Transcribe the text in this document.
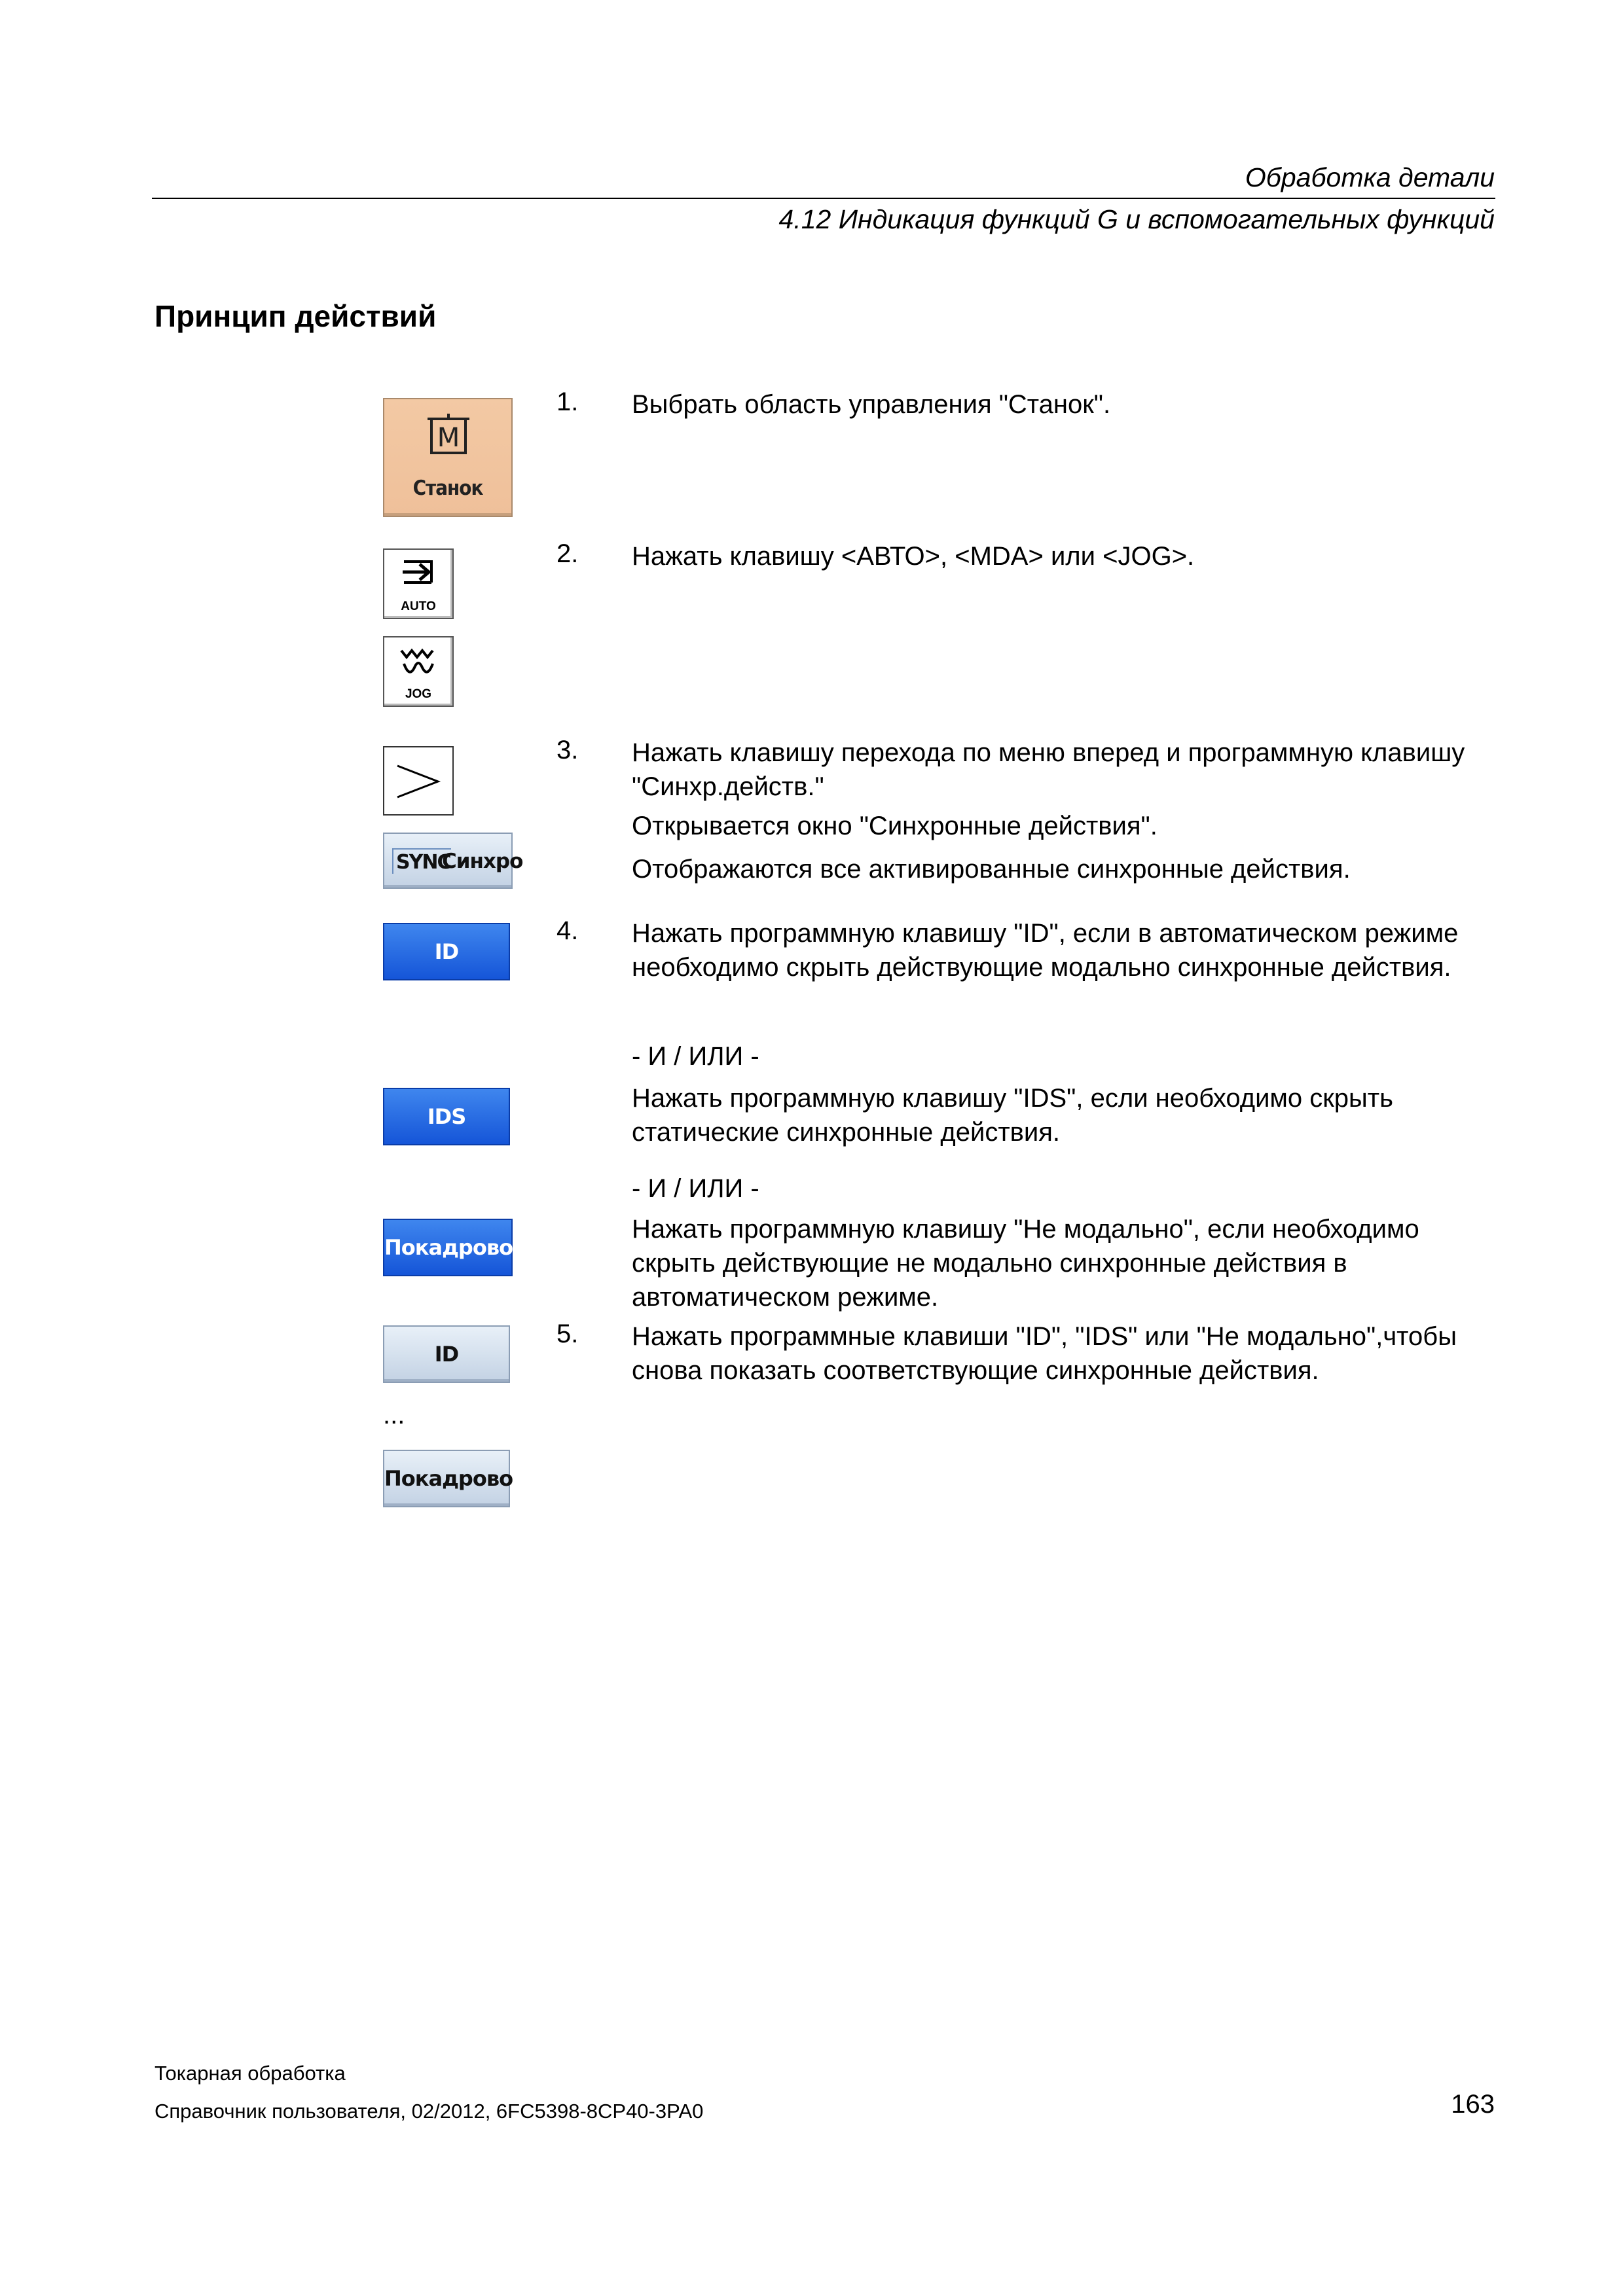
Обработка детали
4.12 Индикация функций G и вспомогательных функций
Принцип действий
M
Станок
AUTO
JOG
SYNC
Синхро
ID
IDS
Покадрово
ID
...
Покадрово
1. Выбрать область управления "Станок".
2. Нажать клавишу <АВТО>, <MDA> или <JOG>.
3. Нажать клавишу перехода по меню вперед и программную клавишу "Синхр.действ."
Открывается окно "Синхронные действия".
Отображаются все активированные синхронные действия.
4. Нажать программную клавишу "ID", если в автоматическом режиме необходимо скрыть действующие модально синхронные действия.
- И / ИЛИ -
Нажать программную клавишу "IDS", если необходимо скрыть статические синхронные действия.
- И / ИЛИ -
Нажать программную клавишу "Не модально", если необходимо скрыть действующие не модально синхронные действия в автоматическом режиме.
5. Нажать программные клавиши "ID", "IDS" или "Не модально",чтобы снова показать соответствующие синхронные действия.
Токарная обработка
Справочник пользователя, 02/2012, 6FC5398-8CP40-3PA0	163
